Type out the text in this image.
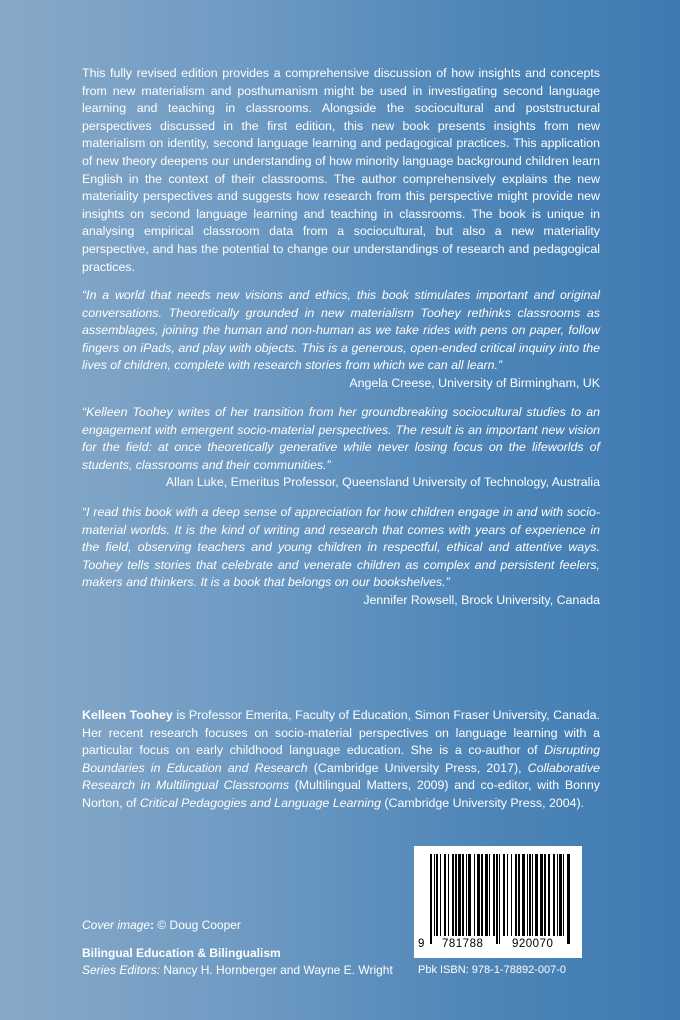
This fully revised edition provides a comprehensive discussion of how insights and concepts from new materialism and posthumanism might be used in investigating second language learning and teaching in classrooms. Alongside the sociocultural and poststructural perspectives discussed in the first edition, this new book presents insights from new materialism on identity, second language learning and pedagogical practices. This application of new theory deepens our understanding of how minority language background children learn English in the context of their classrooms. The author comprehensively explains the new materiality perspectives and suggests how research from this perspective might provide new insights on second language learning and teaching in classrooms. The book is unique in analysing empirical classroom data from a sociocultural, but also a new materiality perspective, and has the potential to change our understandings of research and pedagogical practices.

“In a world that needs new visions and ethics, this book stimulates important and original conversations. Theoretically grounded in new materialism Toohey rethinks classrooms as assemblages, joining the human and non-human as we take rides with pens on paper, follow fingers on iPads, and play with objects. This is a generous, open-ended critical inquiry into the lives of children, complete with research stories from which we can all learn.”

Angela Creese, University of Birmingham, UK

“Kelleen Toohey writes of her transition from her groundbreaking sociocultural studies to an engagement with emergent socio-material perspectives. The result is an important new vision for the field: at once theoretically generative while never losing focus on the lifeworlds of students, classrooms and their communities.”

Allan Luke, Emeritus Professor, Queensland University of Technology, Australia

“I read this book with a deep sense of appreciation for how children engage in and with socio-material worlds. It is the kind of writing and research that comes with years of experience in the field, observing teachers and young children in respectful, ethical and attentive ways. Toohey tells stories that celebrate and venerate children as complex and persistent feelers, makers and thinkers. It is a book that belongs on our bookshelves.”

Jennifer Rowsell, Brock University, Canada
Kelleen Toohey is Professor Emerita, Faculty of Education, Simon Fraser University, Canada. Her recent research focuses on socio-material perspectives on language learning with a particular focus on early childhood language education. She is a co-author of Disrupting Boundaries in Education and Research (Cambridge University Press, 2017), Collaborative Research in Multilingual Classrooms (Multilingual Matters, 2009) and co-editor, with Bonny Norton, of Critical Pedagogies and Language Learning (Cambridge University Press, 2004).
Cover image: © Doug Cooper
Bilingual Education & Bilingualism
Series Editors: Nancy H. Hornberger and Wayne E. Wright
9 781788 920070
Pbk ISBN: 978-1-78892-007-0
